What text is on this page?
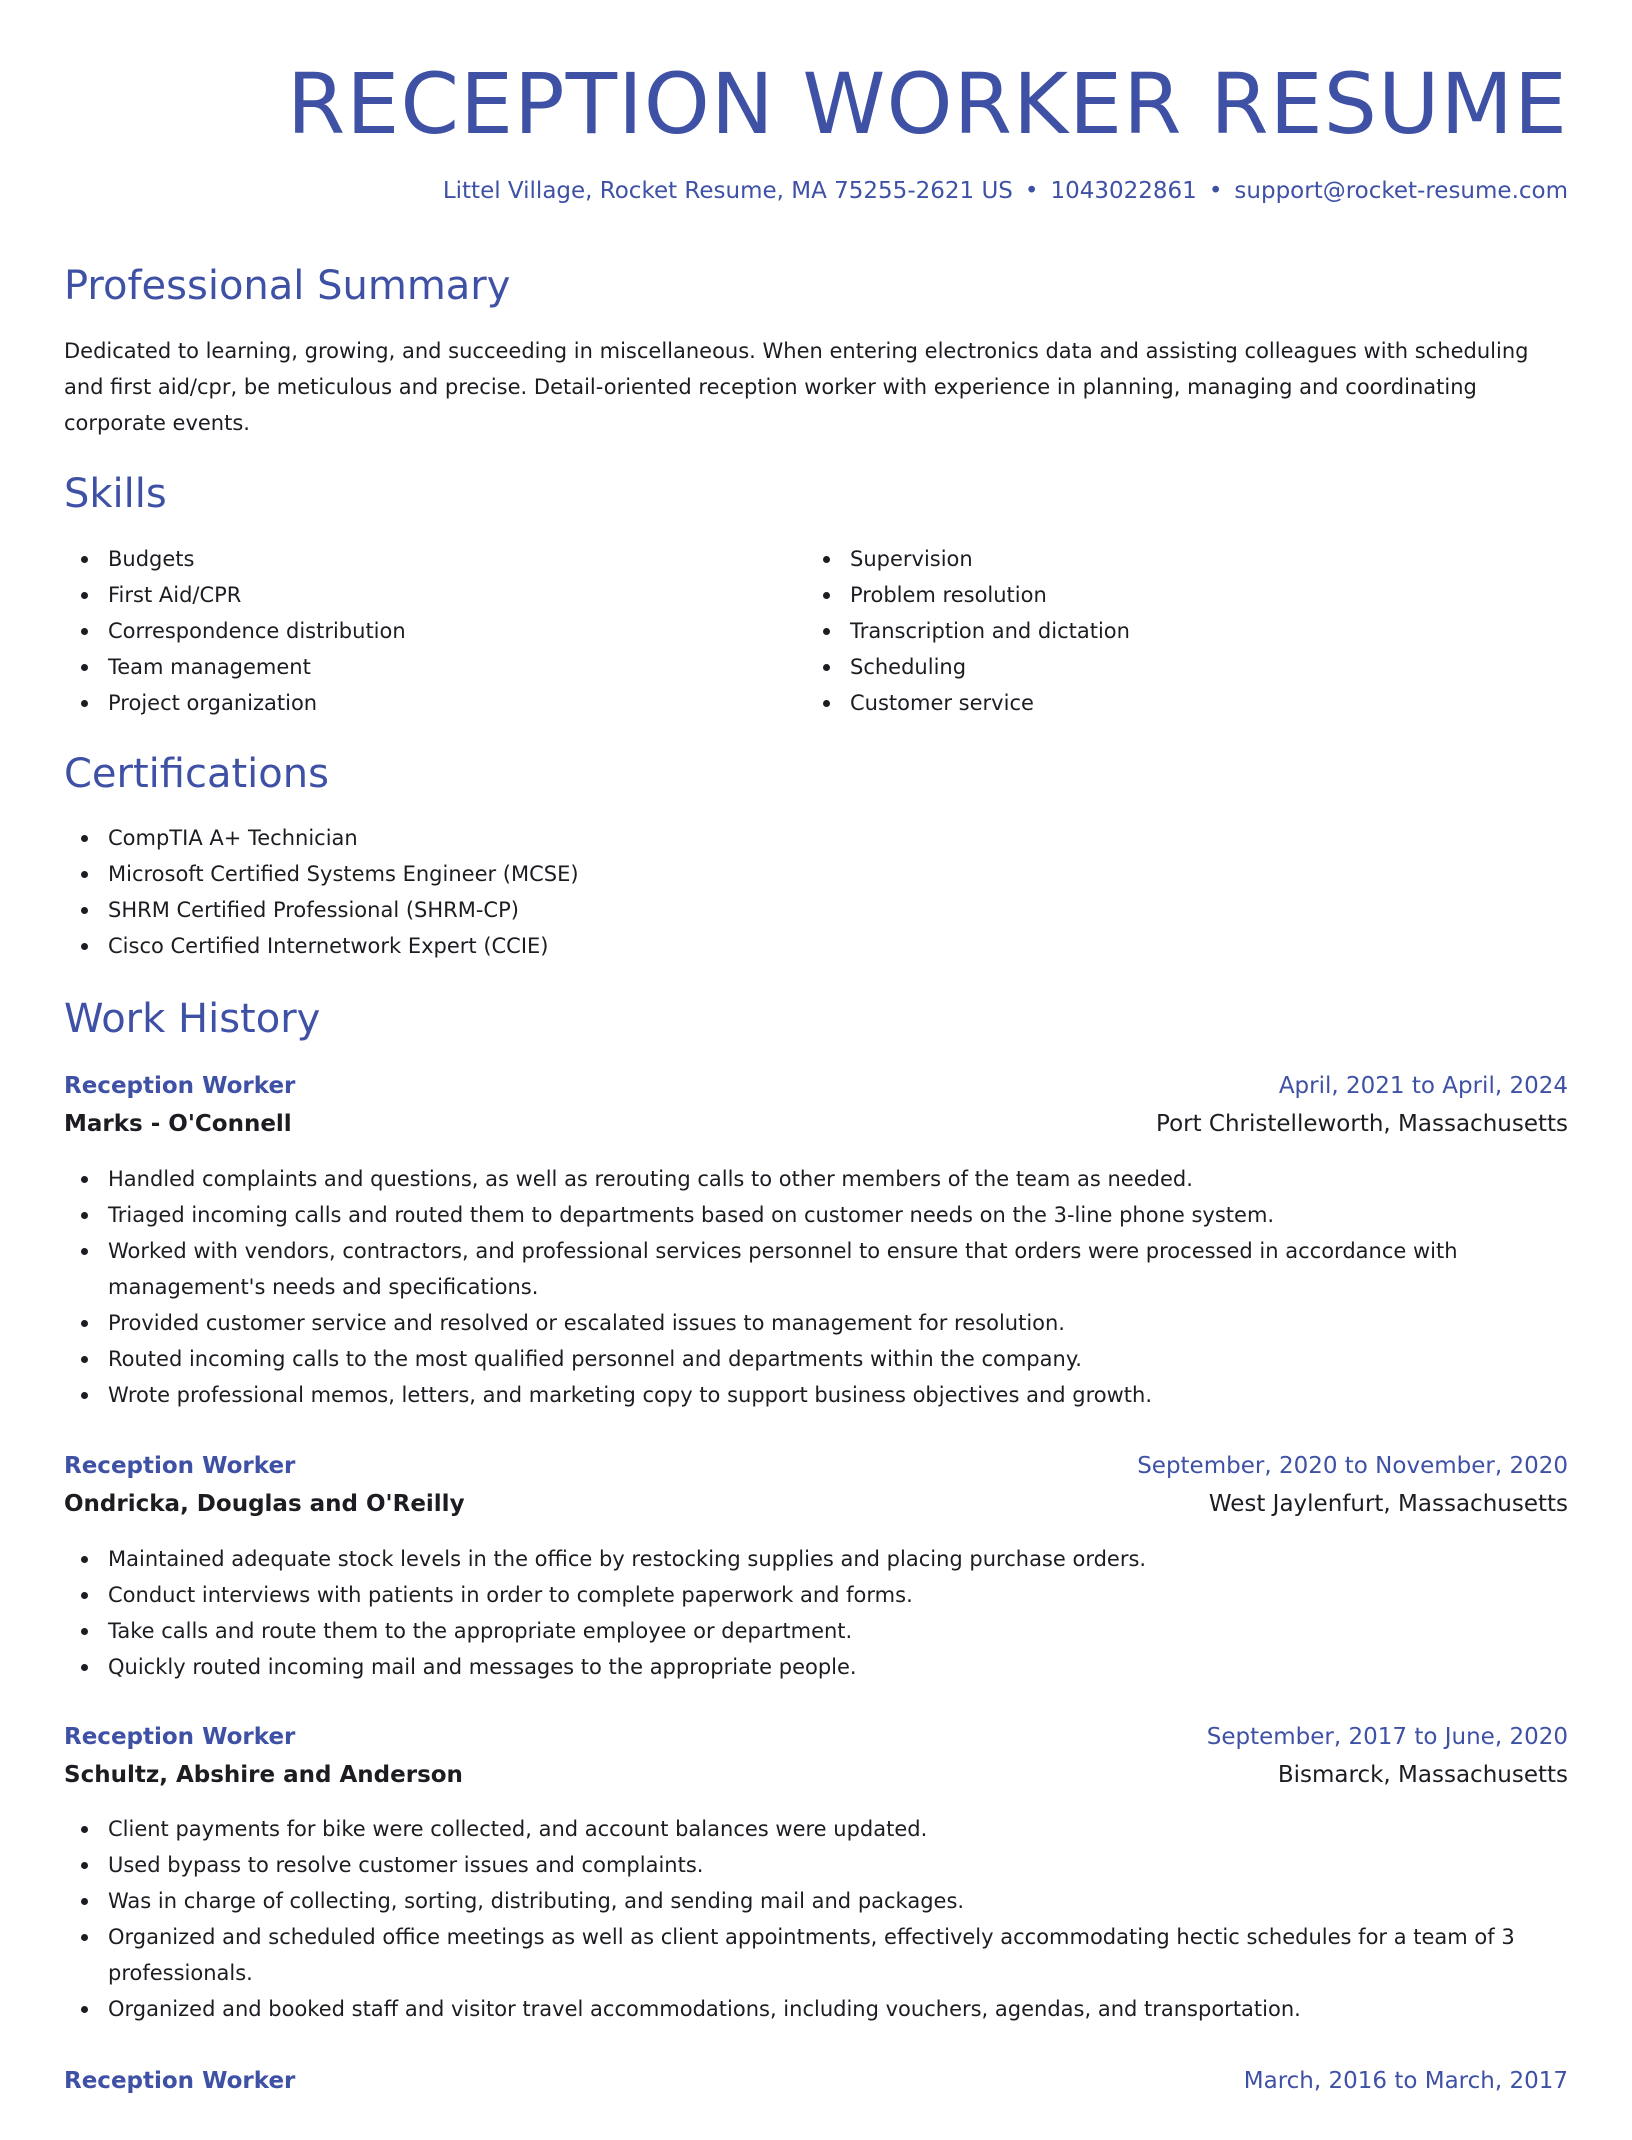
RECEPTION WORKER RESUME
Littel Village, Rocket Resume, MA 75255-2621 US • 1043022861 • support@rocket-resume.com
Professional Summary

Dedicated to learning, growing, and succeeding in miscellaneous. When entering electronics data and assisting colleagues with scheduling and first aid/cpr, be meticulous and precise. Detail-oriented reception worker with experience in planning, managing and coordinating corporate events.

Skills
Budgets
First Aid/CPR
Correspondence distribution
Team management
Project organization
Supervision
Problem resolution
Transcription and dictation
Scheduling
Customer service
Certifications
CompTIA A+ Technician
Microsoft Certified Systems Engineer (MCSE)
SHRM Certified Professional (SHRM-CP)
Cisco Certified Internetwork Expert (CCIE)
Work History
Reception Worker	April, 2021 to April, 2024
Marks - O'Connell	Port Christelleworth, Massachusetts
Handled complaints and questions, as well as rerouting calls to other members of the team as needed.
Triaged incoming calls and routed them to departments based on customer needs on the 3-line phone system.
Worked with vendors, contractors, and professional services personnel to ensure that orders were processed in accordance with management's needs and specifications.
Provided customer service and resolved or escalated issues to management for resolution.
Routed incoming calls to the most qualified personnel and departments within the company.
Wrote professional memos, letters, and marketing copy to support business objectives and growth.
Reception Worker	September, 2020 to November, 2020
Ondricka, Douglas and O'Reilly	West Jaylenfurt, Massachusetts
Maintained adequate stock levels in the office by restocking supplies and placing purchase orders.
Conduct interviews with patients in order to complete paperwork and forms.
Take calls and route them to the appropriate employee or department.
Quickly routed incoming mail and messages to the appropriate people.
Reception Worker	September, 2017 to June, 2020
Schultz, Abshire and Anderson	Bismarck, Massachusetts
Client payments for bike were collected, and account balances were updated.
Used bypass to resolve customer issues and complaints.
Was in charge of collecting, sorting, distributing, and sending mail and packages.
Organized and scheduled office meetings as well as client appointments, effectively accommodating hectic schedules for a team of 3 professionals.
Organized and booked staff and visitor travel accommodations, including vouchers, agendas, and transportation.
Reception Worker	March, 2016 to March, 2017
